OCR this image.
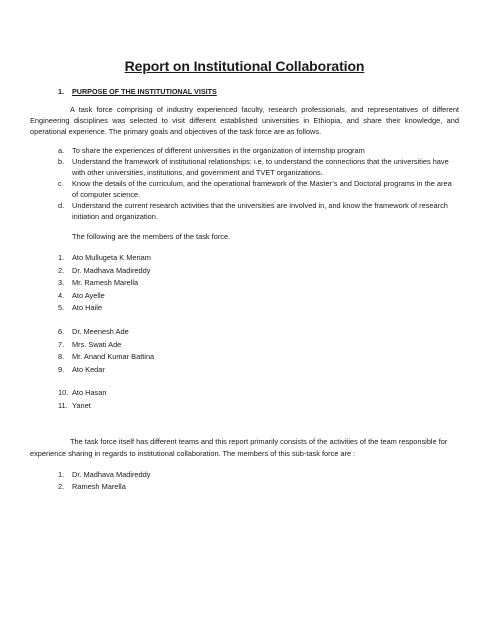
Report on Institutional Collaboration
1. PURPOSE OF THE INSTITUTIONAL VISITS

A task force comprising of industry experienced faculty, research professionals, and representatives of different Engineering disciplines was selected to visit different established universities in Ethiopia, and share their knowledge, and operational experience. The primary goals and objectives of the task force are as follows.

a. To share the experiences of different universities in the organization of internship program
b. Understand the framework of institutional relationships: i.e, to understand the connections that the universities have with other universities, institutions, and government and TVET organizations.
c. Know the details of the curriculum, and the operational framework of the Master’s and Doctoral programs in the area of computer science.
d. Understand the current research activities that the universities are involved in, and know the framework of research initiation and organization.

The following are the members of the task force.

1. Ato Mullugeta K Meriam
2. Dr. Madhava Madireddy
3. Mr. Ramesh Marella
4. Ato Ayelle
5. Ato Haile
6. Dr. Meenesh Ade
7. Mrs. Swati Ade
8. Mr. Anand Kumar Battina
9. Ato Kedar
10. Ato Hasan
11. Yanet

The task force itself has different teams and this report primarily consists of the activities of the team responsible for experience sharing in regards to institutional collaboration. The members of this sub-task force are :

1. Dr. Madhava Madireddy
2. Ramesh Marella
